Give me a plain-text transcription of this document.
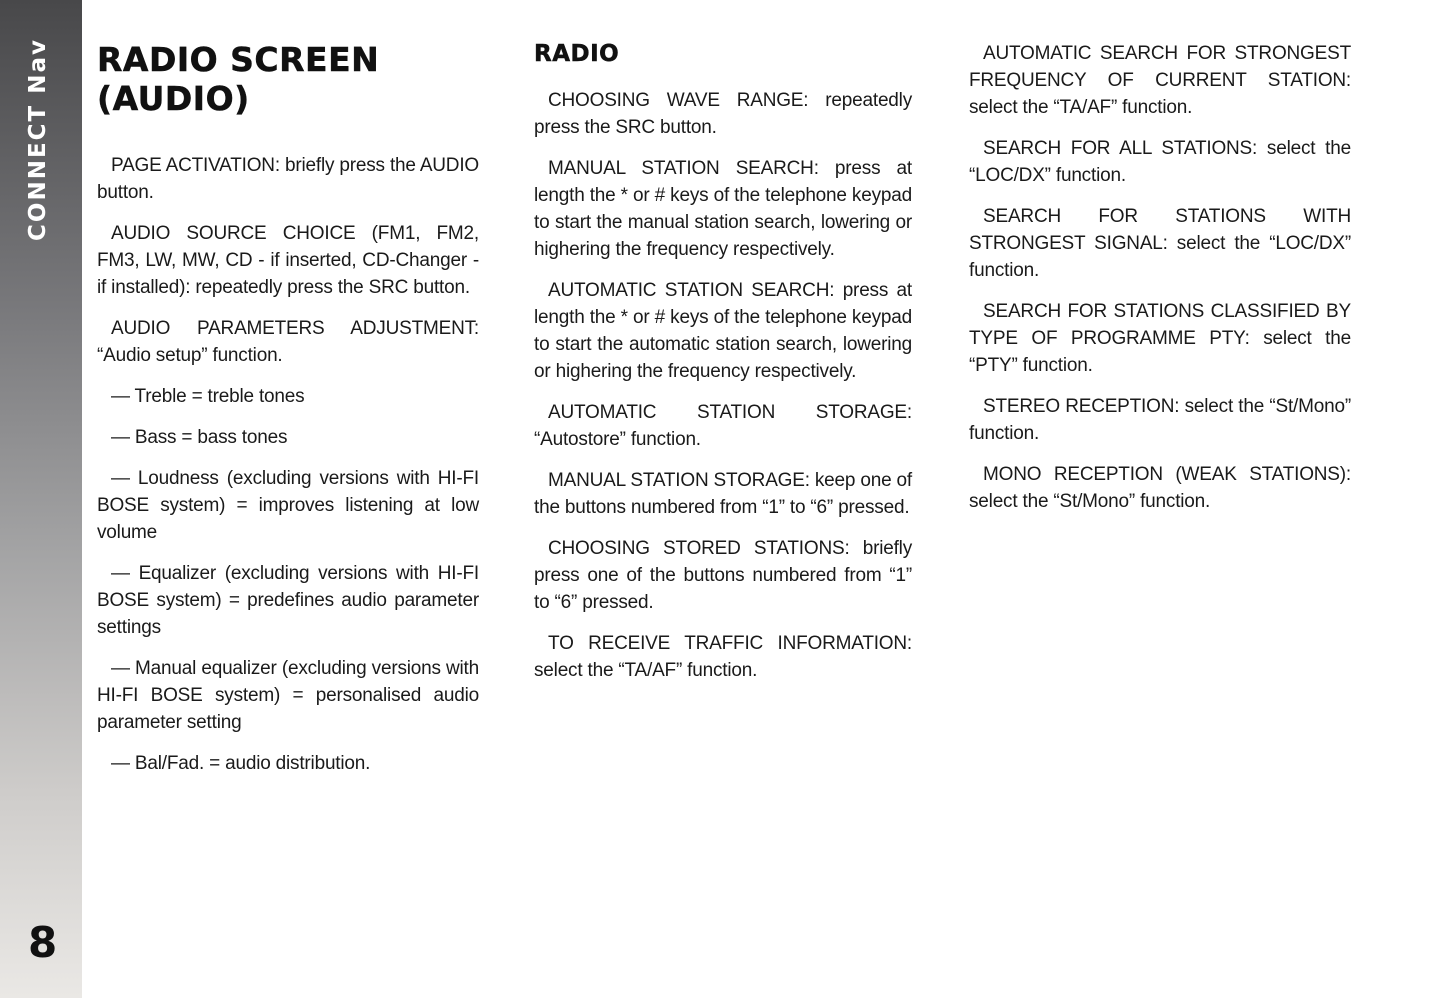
CONNECT Nav
8
RADIO SCREEN (AUDIO)
PAGE ACTIVATION: briefly press the AUDIO button.
AUDIO SOURCE CHOICE (FM1, FM2, FM3, LW, MW, CD - if inserted, CD-Changer - if installed): repeatedly press the SRC button.
AUDIO PARAMETERS ADJUSTMENT: “Audio setup” function.
— Treble = treble tones
— Bass = bass tones
— Loudness (excluding versions with HI-FI BOSE system) = improves listening at low volume
— Equalizer (excluding versions with HI-FI BOSE system) = predefines audio parameter settings
— Manual equalizer (excluding versions with HI-FI BOSE system) = personalised audio parameter setting
— Bal/Fad. = audio distribution.
RADIO
CHOOSING WAVE RANGE: repeatedly press the SRC button.
MANUAL STATION SEARCH: press at length the * or # keys of the telephone keypad to start the manual station search, lowering or highering the frequency respectively.
AUTOMATIC STATION SEARCH: press at length the * or # keys of the telephone keypad to start the automatic station search, lowering or highering the frequency respectively.
AUTOMATIC STATION STORAGE: “Autostore” function.
MANUAL STATION STORAGE: keep one of the buttons numbered from “1” to “6” pressed.
CHOOSING STORED STATIONS: briefly press one of the buttons numbered from “1” to “6” pressed.
TO RECEIVE TRAFFIC INFORMATION: select the “TA/AF” function.
AUTOMATIC SEARCH FOR STRONGEST FREQUENCY OF CURRENT STATION: select the “TA/AF” function.
SEARCH FOR ALL STATIONS: select the “LOC/DX” function.
SEARCH FOR STATIONS WITH STRONGEST SIGNAL: select the “LOC/DX” function.
SEARCH FOR STATIONS CLASSIFIED BY TYPE OF PROGRAMME PTY: select the “PTY” function.
STEREO RECEPTION: select the “St/Mono” function.
MONO RECEPTION (WEAK STATIONS): select the “St/Mono” function.
